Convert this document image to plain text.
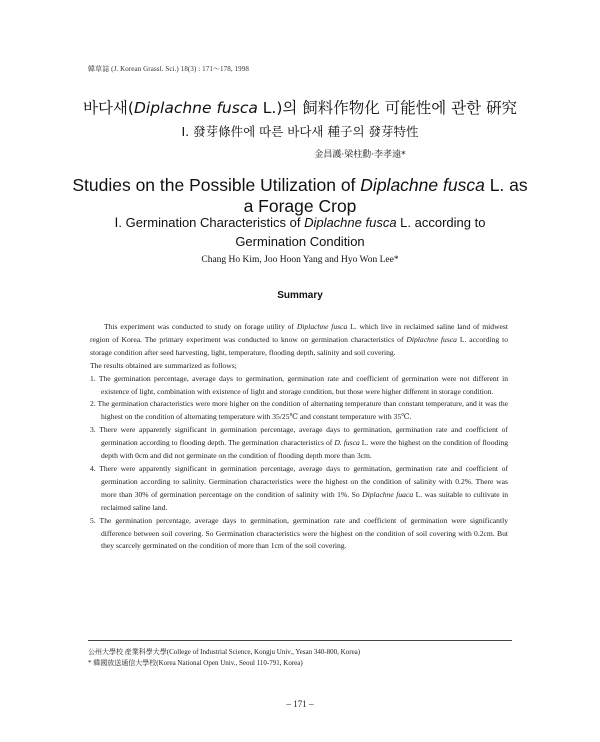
韓草誌 (J. Korean Grassl. Sci.) 18(3) : 171～178, 1998
바다새(Diplachne fusca L.)의 飼料作物化 可能性에 관한 硏究
Ⅰ. 發芽條件에 따른 바다새 種子의 發芽特性
金昌護·梁柱勳·李孝遠*
Studies on the Possible Utilization of Diplachne fusca L. as
a Forage Crop
Ⅰ. Germination Characteristics of Diplachne fusca L. according to
Germination Condition
Chang Ho Kim, Joo Hoon Yang and Hyo Won Lee*
Summary

This experiment was conducted to study on forage utility of Diplachne fusca L. which live in reclaimed saline land of midwest region of Korea. The primary experiment was conducted to know on germination characteristics of Diplachne fusca L. according to storage condition after seed harvesting, light, temperature, flooding depth, salinity and soil covering.

The results obtained are summarized as follows;

1. The germination percentage, average days to germination, germination rate and coefficient of germination were not different in existence of light, combination with existence of light and storage condition, but those were higher different in storage condition.
2. The germination characteristics were more higher on the condition of alternating temperature than constant temperature, and it was the highest on the condition of alternating temperature with 35/25℃ and constant temperature with 35℃.
3. There were apparently significant in germination percentage, average days to germination, germination rate and coefficient of germination according to flooding depth. The germination characteristics of D. fusca L. were the highest on the condition of flooding depth with 0cm and did not germinate on the condition of flooding depth more than 3cm.
4. There were apparently significant in germination percentage, average days to germination, germination rate and coefficient of germination according to salinity. Germination characteristics were the highest on the condition of salinity with 0.2%. There was more than 30% of germination percentage on the condition of salinity with 1%. So Diplachne fuaca L. was suitable to cultivate in reclaimed saline land.
5. The germination percentage, average days to germination, germination rate and coefficient of germination were significantly difference between soil covering. So Germination characteristics were the highest on the condition of soil covering with 0.2cm. But they scarcely germinated on the condition of more than 1cm of the soil covering.
公州大學校 産業科學大學(College of Industrial Science, Kongju Univ., Yesan 340-800, Korea)
* 韓國放送通信大學校(Korea National Open Univ., Seoul 110-791, Korea)
– 171 –
